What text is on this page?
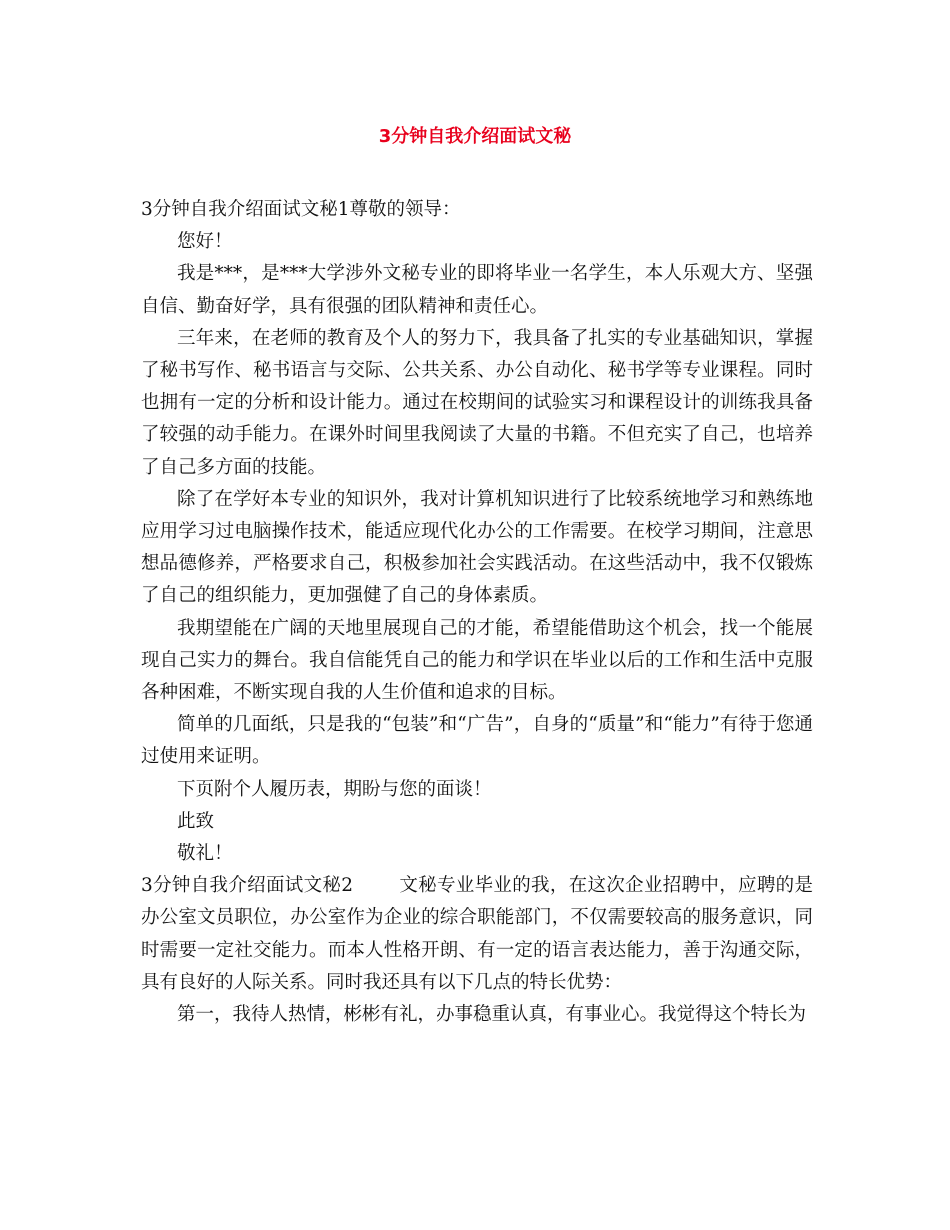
3分钟自我介绍面试文秘

3分钟自我介绍面试文秘1尊敬的领导：

您好！

我是***，是***大学涉外文秘专业的即将毕业一名学生，本人乐观大方、坚强自信、勤奋好学，具有很强的团队精神和责任心。

三年来，在老师的教育及个人的努力下，我具备了扎实的专业基础知识，掌握了秘书写作、秘书语言与交际、公共关系、办公自动化、秘书学等专业课程。同时也拥有一定的分析和设计能力。通过在校期间的试验实习和课程设计的训练我具备了较强的动手能力。在课外时间里我阅读了大量的书籍。不但充实了自己，也培养了自己多方面的技能。

除了在学好本专业的知识外，我对计算机知识进行了比较系统地学习和熟练地应用学习过电脑操作技术，能适应现代化办公的工作需要。在校学习期间，注意思想品德修养，严格要求自己，积极参加社会实践活动。在这些活动中，我不仅锻炼了自己的组织能力，更加强健了自己的身体素质。

我期望能在广阔的天地里展现自己的才能，希望能借助这个机会，找一个能展现自己实力的舞台。我自信能凭自己的能力和学识在毕业以后的工作和生活中克服各种困难，不断实现自我的人生价值和追求的目标。

简单的几面纸，只是我的“包装”和“广告”，自身的“质量”和“能力”有待于您通过使用来证明。

下页附个人履历表，期盼与您的面谈！

此致

敬礼！

3分钟自我介绍面试文秘2 文秘专业毕业的我，在这次企业招聘中，应聘的是办公室文员职位，办公室作为企业的综合职能部门，不仅需要较高的服务意识，同时需要一定社交能力。而本人性格开朗、有一定的语言表达能力，善于沟通交际，具有良好的人际关系。同时我还具有以下几点的特长优势：

第一，我待人热情，彬彬有礼，办事稳重认真，有事业心。我觉得这个特长为
